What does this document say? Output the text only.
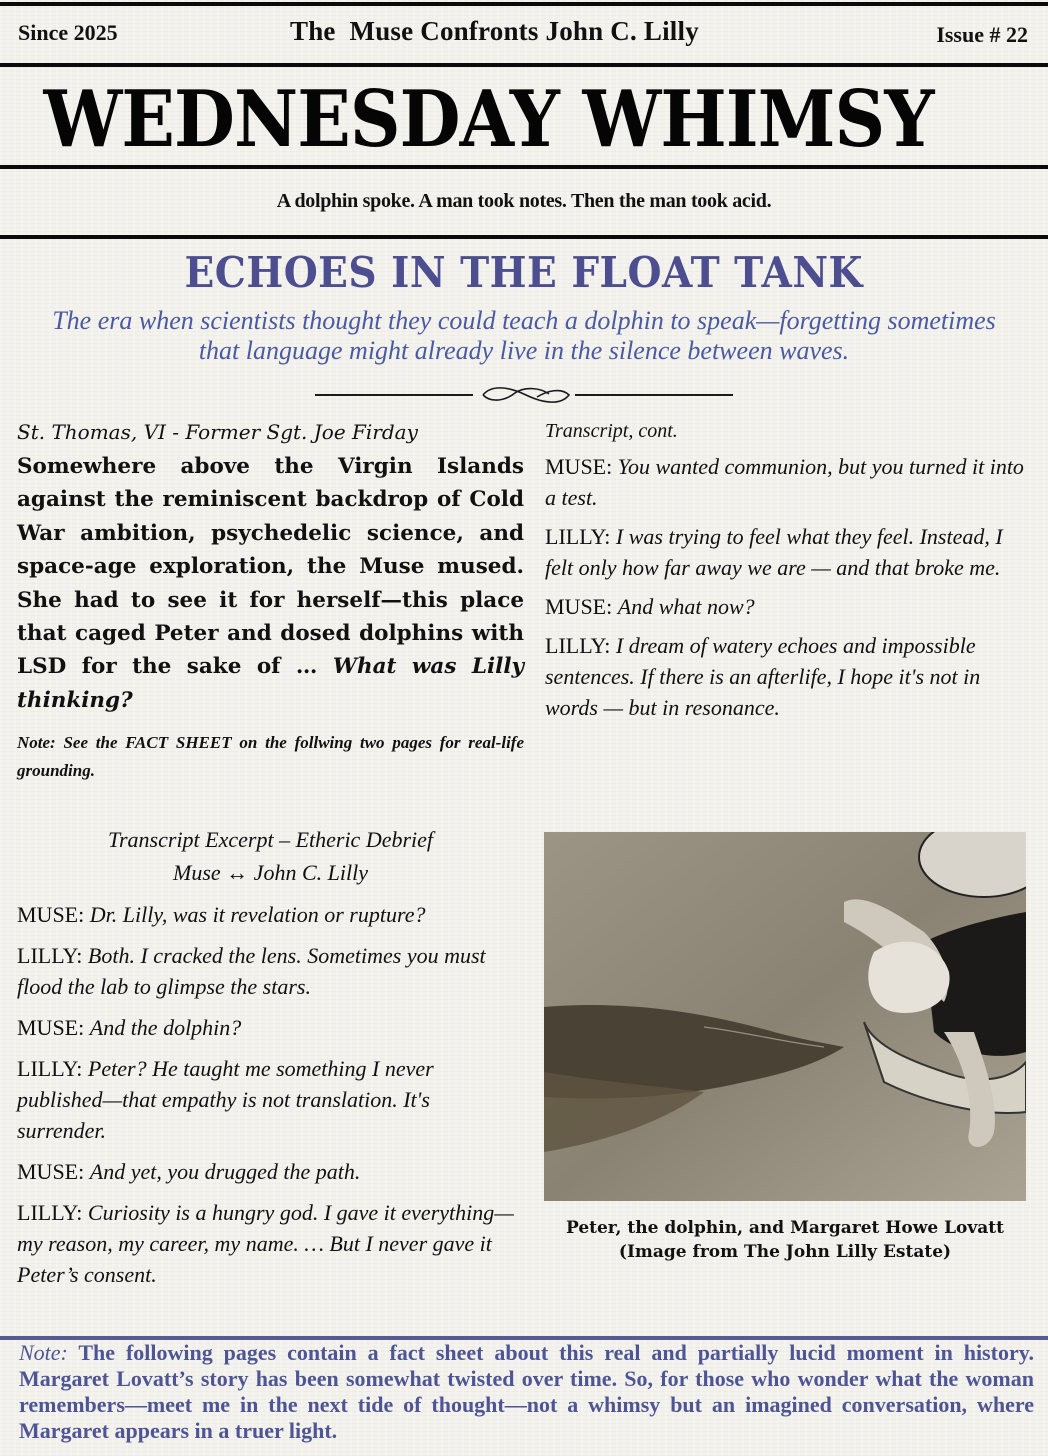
Since 2025	The  Muse Confronts John C. Lilly	Issue # 22
WEDNESDAY WHIMSY
A dolphin spoke. A man took notes. Then the man took acid.
ECHOES IN THE FLOAT TANK
The era when scientists thought they could teach a dolphin to speak—forgetting sometimes that language might already live in the silence between waves.
St. Thomas, VI - Former Sgt. Joe Firday

Somewhere above the Virgin Islands against the reminiscent backdrop of Cold War ambition, psychedelic science, and space-age exploration, the Muse mused. She had to see it for herself—this place that caged Peter and dosed dolphins with LSD for the sake of … What was Lilly thinking?

Note: See the FACT SHEET on the follwing two pages for real-life grounding.

Transcript Excerpt – Etheric Debrief
Muse ↔ John C. Lilly

MUSE: Dr. Lilly, was it revelation or rupture?

LILLY: Both. I cracked the lens. Sometimes you must flood the lab to glimpse the stars.

MUSE: And the dolphin?

LILLY: Peter? He taught me something I never published—that empathy is not translation. It's surrender.

MUSE: And yet, you drugged the path.

LILLY: Curiosity is a hungry god. I gave it everything—my reason, my career, my name. … But I never gave it Peter’s consent.

Transcript, cont.

MUSE: You wanted communion, but you turned it into a test.

LILLY: I was trying to feel what they feel. Instead, I felt only how far away we are — and that broke me.

MUSE: And what now?

LILLY: I dream of watery echoes and impossible sentences. If there is an afterlife, I hope it's not in words — but in resonance.

Peter, the dolphin, and Margaret Howe Lovatt
(Image from The John Lilly Estate)

Note: The following pages contain a fact sheet about this real and partially lucid moment in history. Margaret Lovatt’s story has been somewhat twisted over time. So, for those who wonder what the woman remembers—meet me in the next tide of thought—not a whimsy but an imagined conversation, where Margaret appears in a truer light.
